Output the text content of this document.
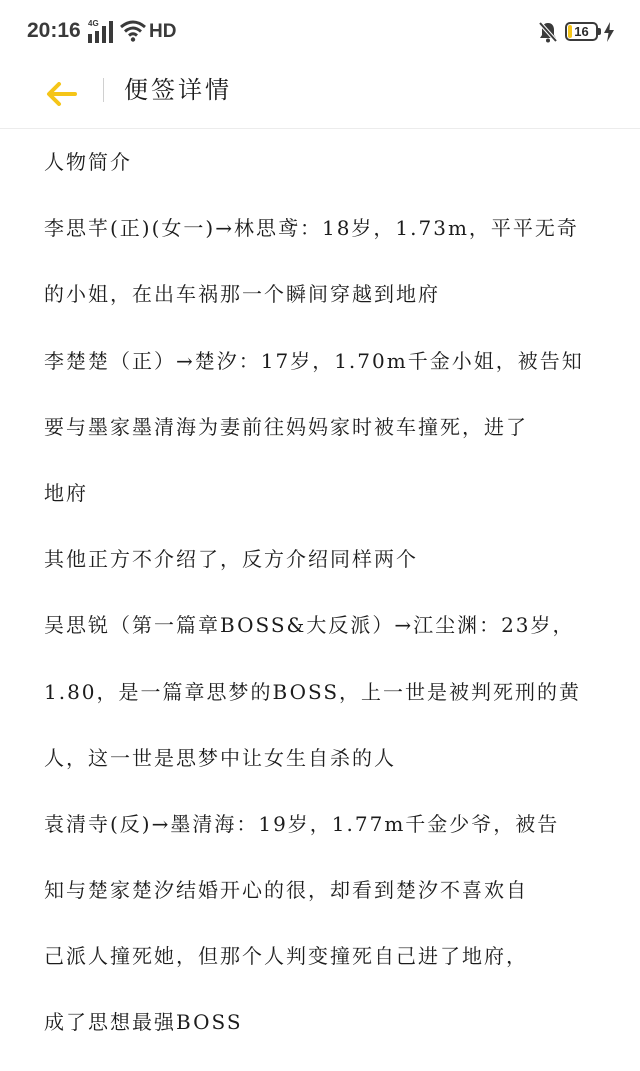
20:16 4G	HD	16
便签详情
人物简介
李思芊(正)(女一)→林思鸢：18岁，1.73m，平平无奇
的小姐，在出车祸那一个瞬间穿越到地府
李楚楚（正）→楚汐：17岁，1.70m千金小姐，被告知
要与墨家墨清海为妻前往妈妈家时被车撞死，进了
地府
其他正方不介绍了，反方介绍同样两个
吴思锐（第一篇章BOSS&大反派）→江尘渊：23岁，
1.80，是一篇章思梦的BOSS，上一世是被判死刑的黄
人，这一世是思梦中让女生自杀的人
袁清寺(反)→墨清海：19岁，1.77m千金少爷，被告
知与楚家楚汐结婚开心的很，却看到楚汐不喜欢自
己派人撞死她，但那个人判变撞死自己进了地府，
成了思想最强BOSS
